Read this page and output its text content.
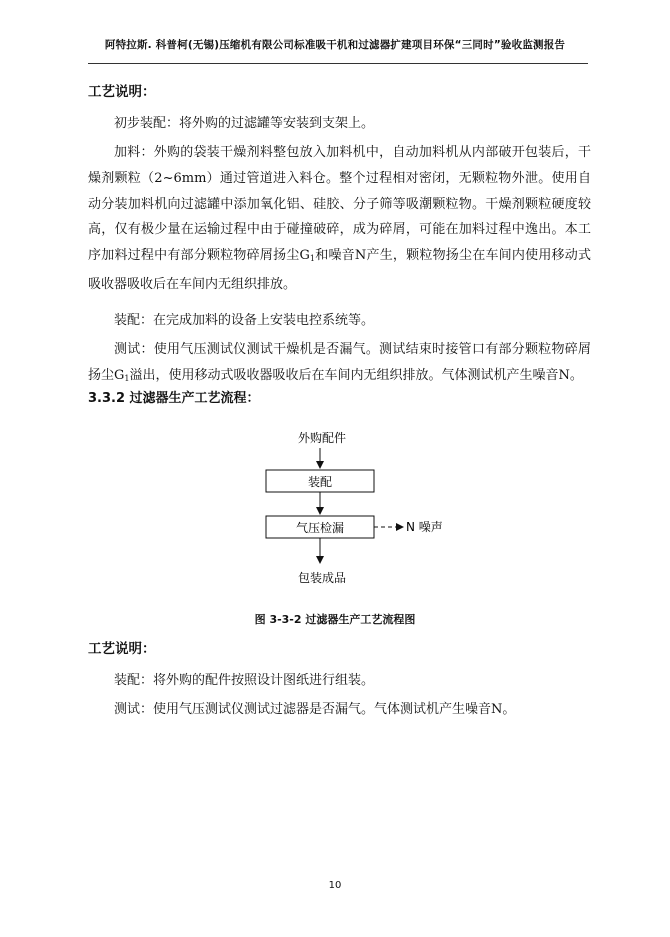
阿特拉斯. 科普柯(无锡)压缩机有限公司标准吸干机和过滤器扩建项目环保“三同时”验收监测报告
工艺说明：
初步装配：将外购的过滤罐等安装到支架上。
加料：外购的袋装干燥剂料整包放入加料机中，自动加料机从内部破开包装后，干燥剂颗粒（2~6mm）通过管道进入料仓。整个过程相对密闭，无颗粒物外泄。使用自动分装加料机向过滤罐中添加氧化铝、硅胶、分子筛等吸潮颗粒物。干燥剂颗粒硬度较高，仅有极少量在运输过程中由于碰撞破碎，成为碎屑，可能在加料过程中逸出。本工序加料过程中有部分颗粒物碎屑扬尘$G_1$和噪音N产生，颗粒物扬尘在车间内使用移动式吸收器吸收后在车间内无组织排放。
装配：在完成加料的设备上安装电控系统等。
测试：使用气压测试仪测试干燥机是否漏气。测试结束时接管口有部分颗粒物碎屑扬尘$G_1$溢出，使用移动式吸收器吸收后在车间内无组织排放。气体测试机产生噪音N。
3.3.2 过滤器生产工艺流程：
外购配件
装配
气压检漏	N 噪声
包装成品
图 3-3-2 过滤器生产工艺流程图
工艺说明：
装配：将外购的配件按照设计图纸进行组装。
测试：使用气压测试仪测试过滤器是否漏气。气体测试机产生噪音N。
10
